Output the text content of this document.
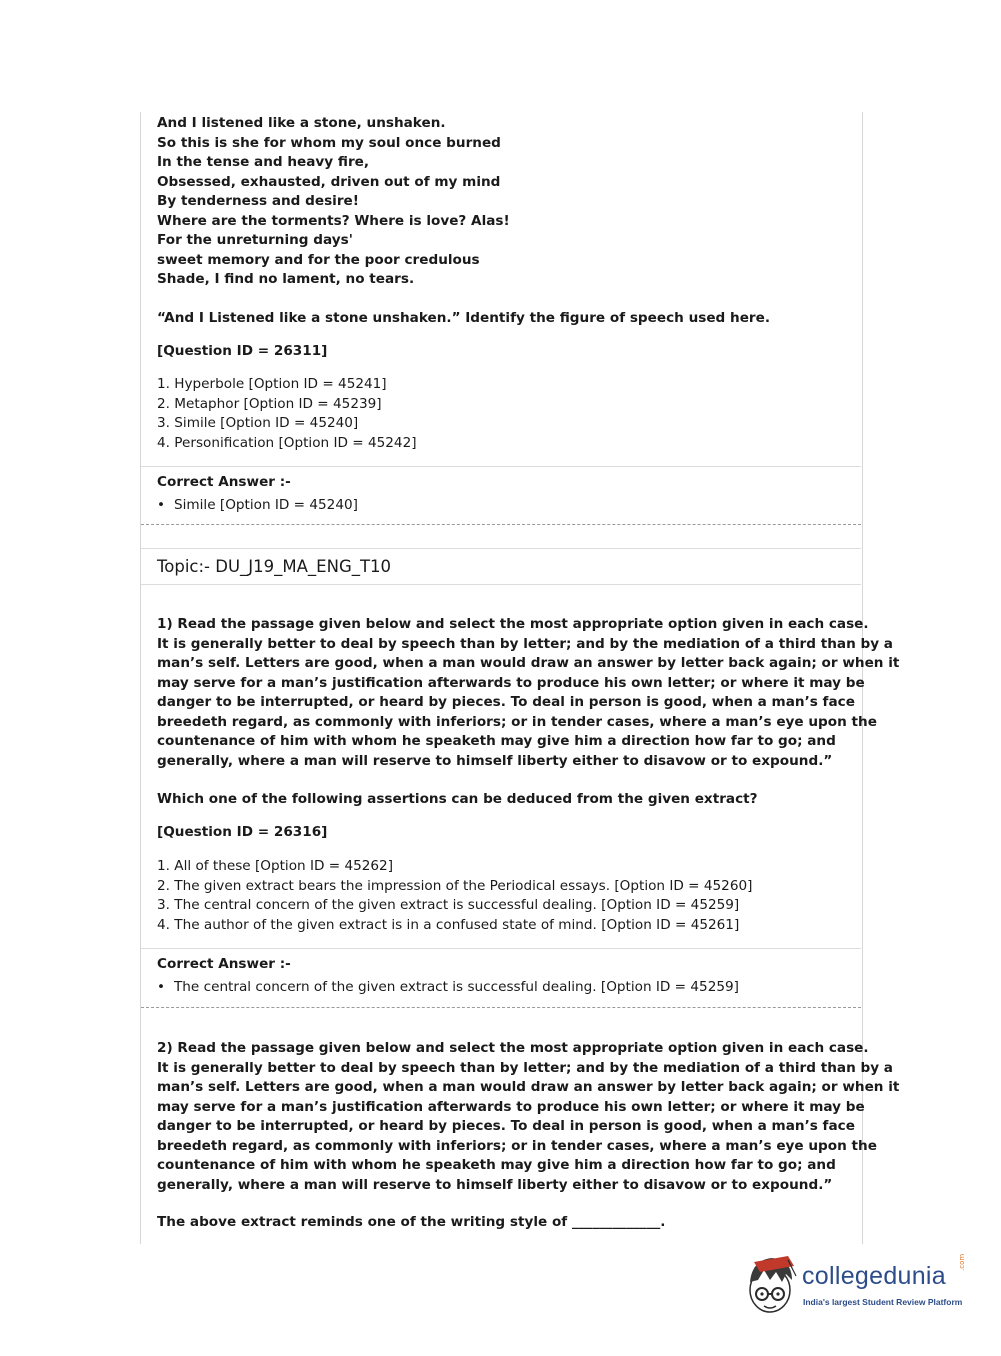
And I listened like a stone, unshaken.
So this is she for whom my soul once burned
In the tense and heavy fire,
Obsessed, exhausted, driven out of my mind
By tenderness and desire!
Where are the torments? Where is love? Alas!
For the unreturning days'
sweet memory and for the poor credulous
Shade, I find no lament, no tears.
“And I Listened like a stone unshaken.” Identify the figure of speech used here.
[Question ID = 26311]
1. Hyperbole [Option ID = 45241]
2. Metaphor [Option ID = 45239]
3. Simile [Option ID = 45240]
4. Personification [Option ID = 45242]
Correct Answer :-
• Simile [Option ID = 45240]
Topic:- DU_J19_MA_ENG_T10
1) Read the passage given below and select the most appropriate option given in each case.
It is generally better to deal by speech than by letter; and by the mediation of a third than by a
man’s self. Letters are good, when a man would draw an answer by letter back again; or when it
may serve for a man’s justification afterwards to produce his own letter; or where it may be
danger to be interrupted, or heard by pieces. To deal in person is good, when a man’s face
breedeth regard, as commonly with inferiors; or in tender cases, where a man’s eye upon the
countenance of him with whom he speaketh may give him a direction how far to go; and
generally, where a man will reserve to himself liberty either to disavow or to expound.”
Which one of the following assertions can be deduced from the given extract?
[Question ID = 26316]
1. All of these [Option ID = 45262]
2. The given extract bears the impression of the Periodical essays. [Option ID = 45260]
3. The central concern of the given extract is successful dealing. [Option ID = 45259]
4. The author of the given extract is in a confused state of mind. [Option ID = 45261]
Correct Answer :-
• The central concern of the given extract is successful dealing. [Option ID = 45259]
2) Read the passage given below and select the most appropriate option given in each case.
It is generally better to deal by speech than by letter; and by the mediation of a third than by a
man’s self. Letters are good, when a man would draw an answer by letter back again; or when it
may serve for a man’s justification afterwards to produce his own letter; or where it may be
danger to be interrupted, or heard by pieces. To deal in person is good, when a man’s face
breedeth regard, as commonly with inferiors; or in tender cases, where a man’s eye upon the
countenance of him with whom he speaketh may give him a direction how far to go; and
generally, where a man will reserve to himself liberty either to disavow or to expound.”
The above extract reminds one of the writing style of _____________.
collegedunia .com
India's largest Student Review Platform
